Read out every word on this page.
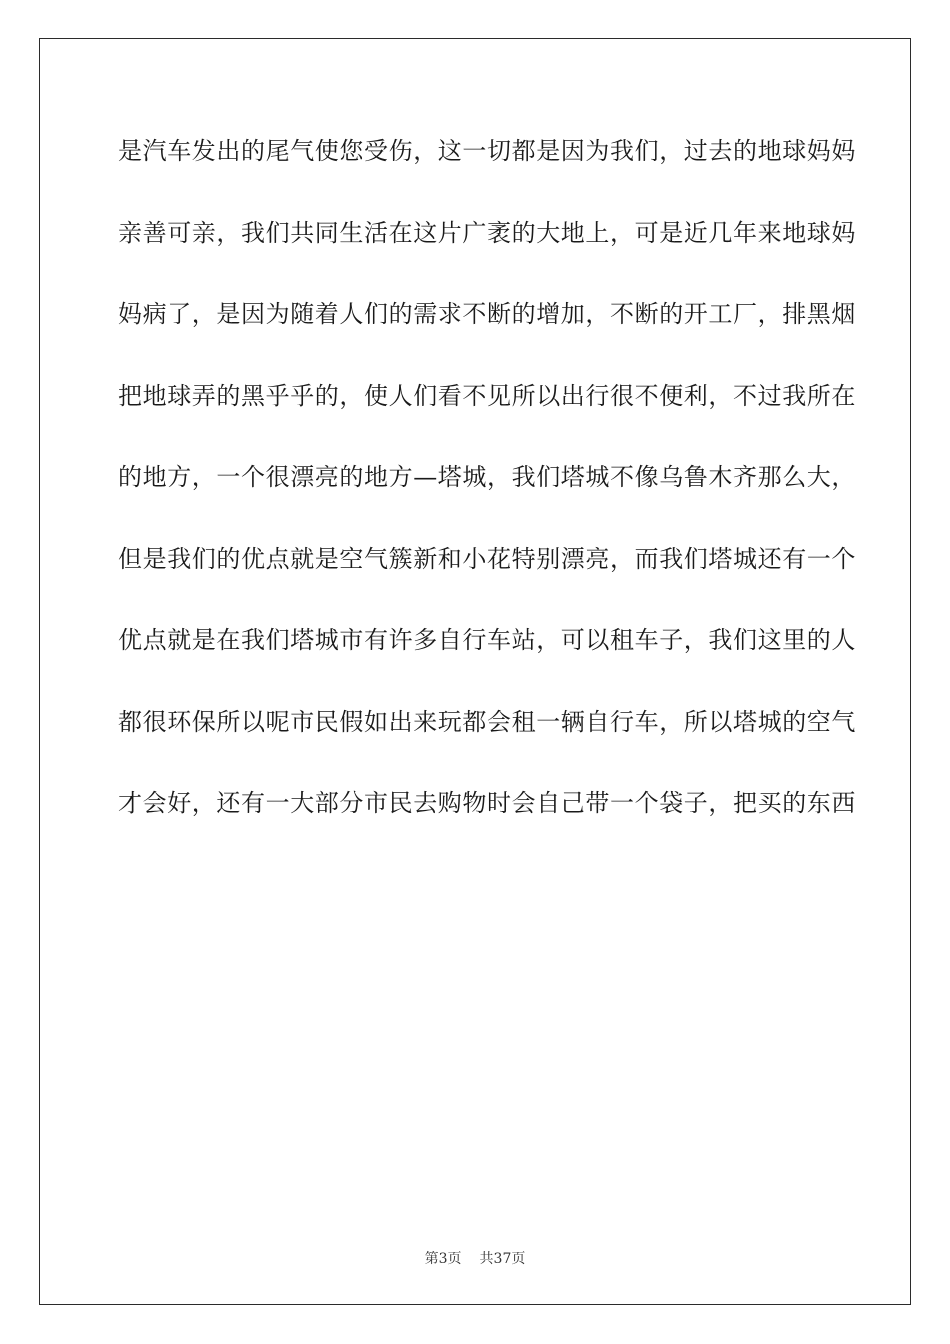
是汽车发出的尾气使您受伤，这一切都是因为我们，过去的地球妈妈
亲善可亲，我们共同生活在这片广袤的大地上，可是近几年来地球妈
妈病了，是因为随着人们的需求不断的增加，不断的开工厂，排黑烟
把地球弄的黑乎乎的，使人们看不见所以出行很不便利，不过我所在
的地方，一个很漂亮的地方—塔城，我们塔城不像乌鲁木齐那么大，
但是我们的优点就是空气簇新和小花特别漂亮，而我们塔城还有一个
优点就是在我们塔城市有许多自行车站，可以租车子，我们这里的人
都很环保所以呢市民假如出来玩都会租一辆自行车，所以塔城的空气
才会好，还有一大部分市民去购物时会自己带一个袋子，把买的东西
第3页 共37页
